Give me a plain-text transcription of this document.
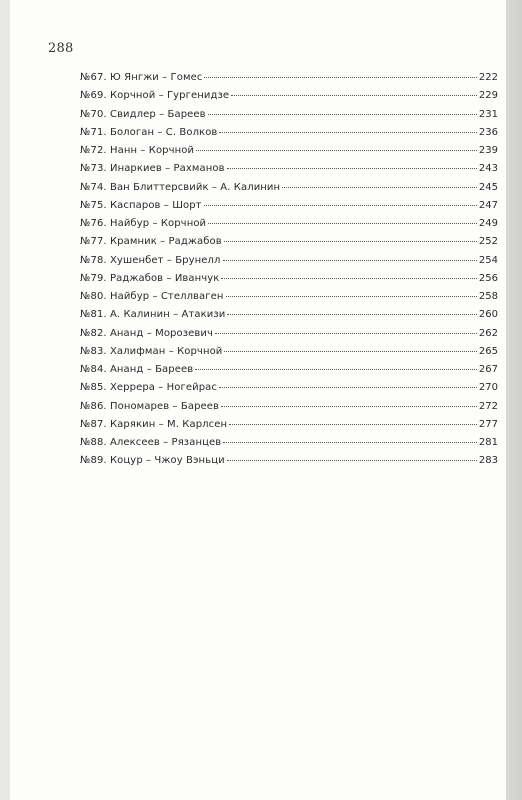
288
№67. Ю Янгжи – Гомес	222
№69. Корчной – Гургенидзе	229
№70. Свидлер – Бареев	231
№71. Бологан – С. Волков	236
№72. Нанн – Корчной	239
№73. Инаркиев – Рахманов	243
№74. Ван Блиттерсвийк – А. Калинин	245
№75. Каспаров – Шорт	247
№76. Найбур – Корчной	249
№77. Крамник – Раджабов	252
№78. Хушенбет – Брунелл	254
№79. Раджабов – Иванчук	256
№80. Найбур – Стеллваген	258
№81. А. Калинин – Атакизи	260
№82. Ананд – Морозевич	262
№83. Халифман – Корчной	265
№84. Ананд – Бареев	267
№85. Херрера – Ногейрас	270
№86. Пономарев – Бареев	272
№87. Карякин – М. Карлсен	277
№88. Алексеев – Рязанцев	281
№89. Коцур – Чжоу Вэньци	283
